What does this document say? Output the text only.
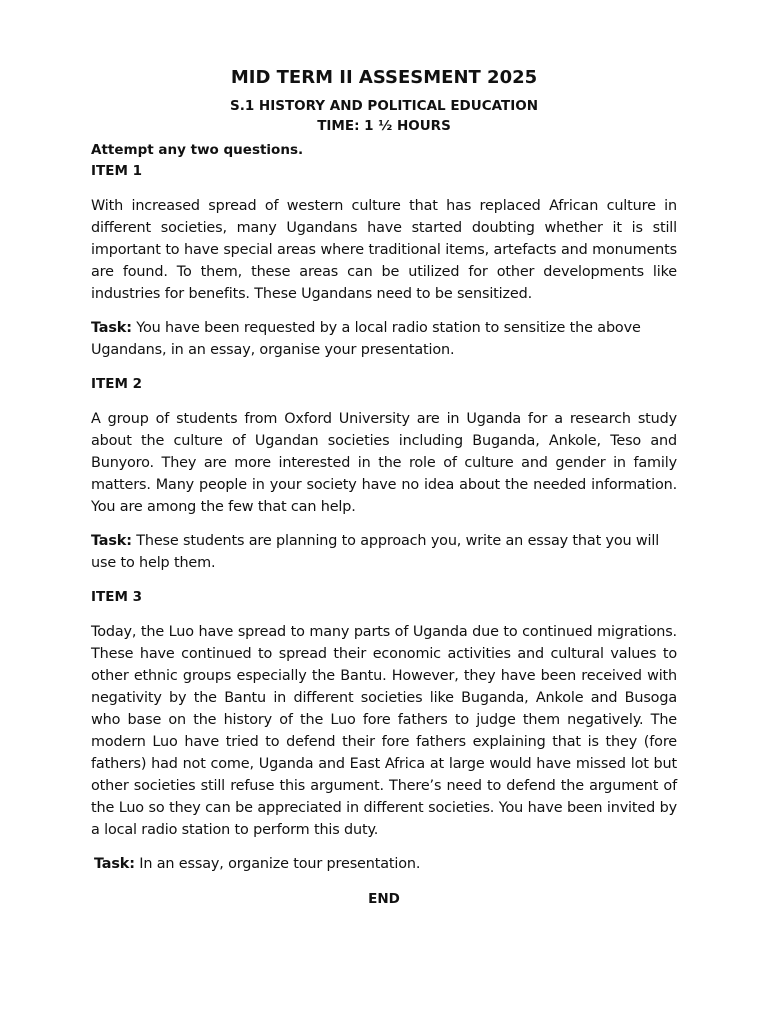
MID TERM II ASSESMENT 2025
S.1 HISTORY AND POLITICAL EDUCATION
TIME: 1 ½ HOURS
Attempt any two questions.
ITEM 1

With increased spread of western culture that has replaced African culture in different societies, many Ugandans have started doubting whether it is still important to have special areas where traditional items, artefacts and monuments are found. To them, these areas can be utilized for other developments like industries for benefits. These Ugandans need to be sensitized.

Task: You have been requested by a local radio station to sensitize the above Ugandans, in an essay, organise your presentation.

ITEM 2

A group of students from Oxford University are in Uganda for a research study about the culture of Ugandan societies including Buganda, Ankole, Teso and Bunyoro. They are more interested in the role of culture and gender in family matters. Many people in your society have no idea about the needed information. You are among the few that can help.

Task: These students are planning to approach you, write an essay that you will use to help them.

ITEM 3

Today, the Luo have spread to many parts of Uganda due to continued migrations. These have continued to spread their economic activities and cultural values to other ethnic groups especially the Bantu. However, they have been received with negativity by the Bantu in different societies like Buganda, Ankole and Busoga who base on the history of the Luo fore fathers to judge them negatively. The modern Luo have tried to defend their fore fathers explaining that is they (fore fathers) had not come, Uganda and East Africa at large would have missed lot but other societies still refuse this argument. There’s need to defend the argument of the Luo so they can be appreciated in different societies. You have been invited by a local radio station to perform this duty.

Task: In an essay, organize tour presentation.

END
